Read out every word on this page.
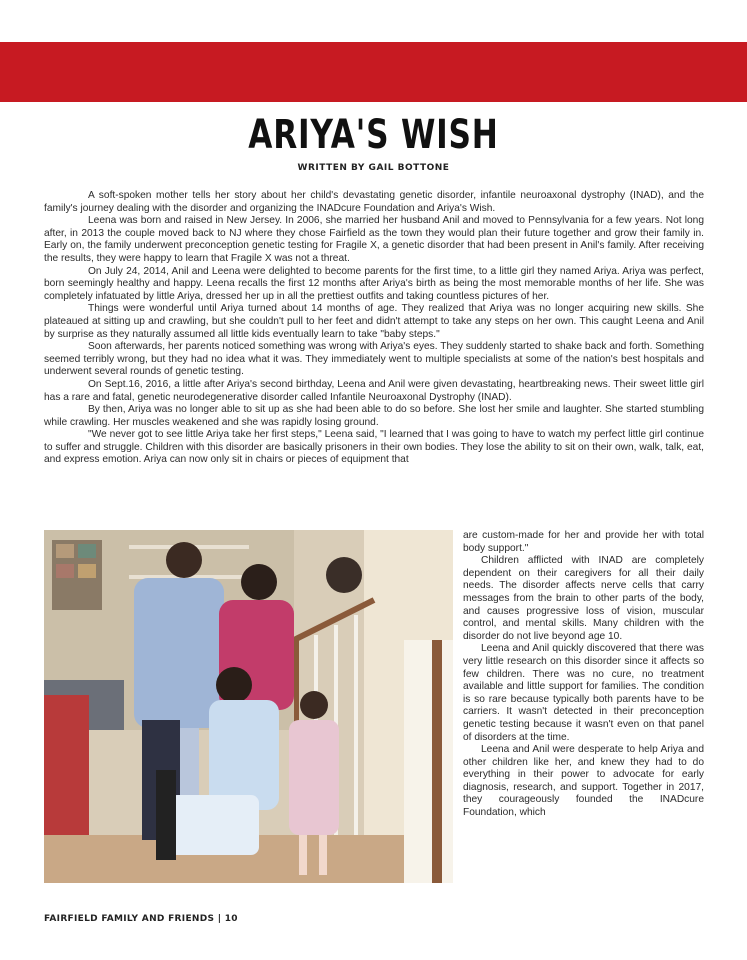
ARIYA'S WISH
WRITTEN BY GAIL BOTTONE

A soft-spoken mother tells her story about her child's devastating genetic disorder, infantile neuroaxonal dystrophy (INAD), and the family's journey dealing with the disorder and organizing the INADcure Foundation and Ariya's Wish.

Leena was born and raised in New Jersey. In 2006, she married her husband Anil and moved to Pennsylvania for a few years. Not long after, in 2013 the couple moved back to NJ where they chose Fairfield as the town they would plan their future together and grow their family in. Early on, the family underwent preconception genetic testing for Fragile X, a genetic disorder that had been present in Anil's family. After receiving the results, they were happy to learn that Fragile X was not a threat.

On July 24, 2014, Anil and Leena were delighted to become parents for the first time, to a little girl they named Ariya. Ariya was perfect, born seemingly healthy and happy. Leena recalls the first 12 months after Ariya's birth as being the most memorable months of her life. She was completely infatuated by little Ariya, dressed her up in all the prettiest outfits and taking countless pictures of her.

Things were wonderful until Ariya turned about 14 months of age. They realized that Ariya was no longer acquiring new skills. She plateaued at sitting up and crawling, but she couldn't pull to her feet and didn't attempt to take any steps on her own. This caught Leena and Anil by surprise as they naturally assumed all little kids eventually learn to take "baby steps."

Soon afterwards, her parents noticed something was wrong with Ariya's eyes. They suddenly started to shake back and forth. Something seemed terribly wrong, but they had no idea what it was. They immediately went to multiple specialists at some of the nation's best hospitals and underwent several rounds of genetic testing.

On Sept.16, 2016, a little after Ariya's second birthday, Leena and Anil were given devastating, heartbreaking news. Their sweet little girl has a rare and fatal, genetic neurodegenerative disorder called Infantile Neuroaxonal Dystrophy (INAD).

By then, Ariya was no longer able to sit up as she had been able to do so before. She lost her smile and laughter. She started stumbling while crawling. Her muscles weakened and she was rapidly losing ground.

"We never got to see little Ariya take her first steps," Leena said, "I learned that I was going to have to watch my perfect little girl continue to suffer and struggle. Children with this disorder are basically prisoners in their own bodies. They lose the ability to sit on their own, walk, talk, eat, and express emotion. Ariya can now only sit in chairs or pieces of equipment that

are custom-made for her and provide her with total body support."

Children afflicted with INAD are completely dependent on their caregivers for all their daily needs. The disorder affects nerve cells that carry messages from the brain to other parts of the body, and causes progressive loss of vision, muscular control, and mental skills. Many children with the disorder do not live beyond age 10.

Leena and Anil quickly discovered that there was very little research on this disorder since it affects so few children. There was no cure, no treatment available and little support for families. The condition is so rare because typically both parents have to be carriers. It wasn't detected in their preconception genetic testing because it wasn't even on that panel of disorders at the time.

Leena and Anil were desperate to help Ariya and other children like her, and knew they had to do everything in their power to advocate for early diagnosis, research, and support. Together in 2017, they courageously founded the INADcure Foundation, which

FAIRFIELD FAMILY AND FRIENDS | 10
